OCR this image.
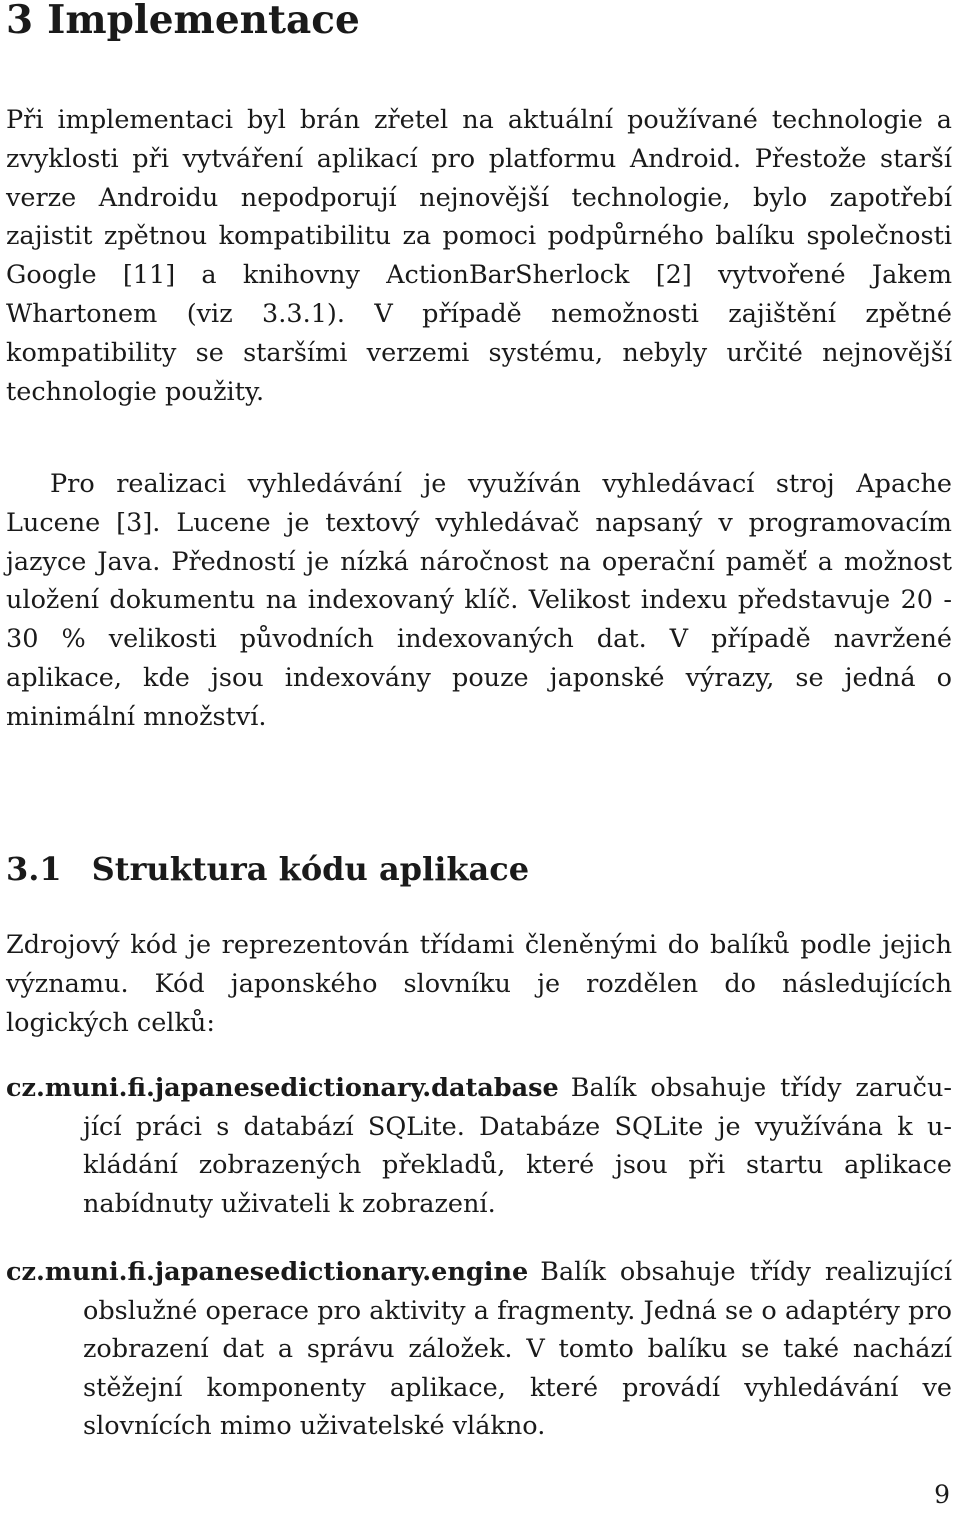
3 Implementace

Při implementaci byl brán zřetel na aktuální používané technologie a zvyklosti při vytváření aplikací pro platformu Android. Přestože starší verze Androidu nepodporují nejnovější technologie, bylo zapotřebí zajistit zpětnou kompatibilitu za pomoci podpůrného balíku společnosti Google [11] a knihovny ActionBarSherlock [2] vytvořené Jakem Whartonem (viz 3.3.1). V případě nemožnosti zajištění zpětné kompatibility se staršími verzemi systému, nebyly určité nejnovější technologie použity.

Pro realizaci vyhledávání je využíván vyhledávací stroj Apache Lucene [3]. Lucene je textový vyhledávač napsaný v programovacím jazyce Java. Předností je nízká náročnost na operační paměť a možnost uložení dokumentu na indexovaný klíč. Velikost indexu představuje 20 - 30 % velikosti původních indexovaných dat. V případě navržené aplikace, kde jsou indexovány pouze japonské výrazy, se jedná o minimální množství.

3.1 Struktura kódu aplikace

Zdrojový kód je reprezentován třídami členěnými do balíků podle jejich významu. Kód japonského slovníku je rozdělen do následujících logických celků:

cz.muni.fi.japanesedictionary.database Balík obsahuje třídy zaručující práci s databází SQLite. Databáze SQLite je využívána k ukládání zobrazených překladů, které jsou při startu aplikace nabídnuty uživateli k zobrazení.

cz.muni.fi.japanesedictionary.engine Balík obsahuje třídy realizující obslužné operace pro aktivity a fragmenty. Jedná se o adaptéry pro zobrazení dat a správu záložek. V tomto balíku se také nachází stěžejní komponenty aplikace, které provádí vyhledávání ve slovnících mimo uživatelské vlákno.

9
